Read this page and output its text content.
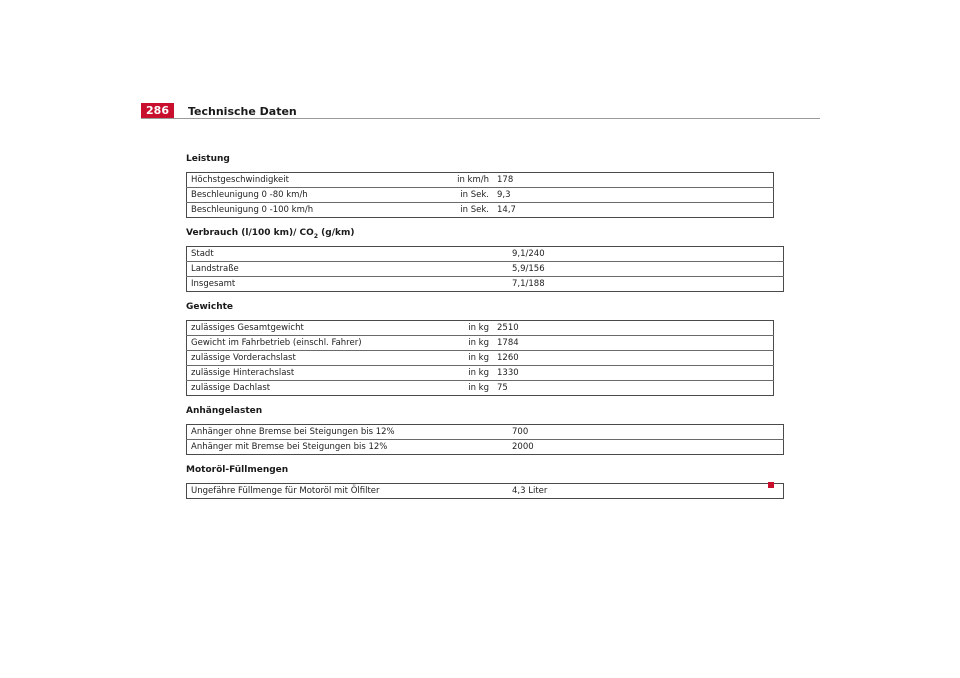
286	Technische Daten
Leistung
Höchstgeschwindigkeit	in km/h	178
Beschleunigung 0 -80 km/h	in Sek.	9,3
Beschleunigung 0 -100 km/h	in Sek.	14,7
Verbrauch (l/100 km)/ $CO_2$ (g/km)
Stadt	9,1/240
Landstraße	5,9/156
Insgesamt	7,1/188
Gewichte
zulässiges Gesamtgewicht	in kg	2510
Gewicht im Fahrbetrieb (einschl. Fahrer)	in kg	1784
zulässige Vorderachslast	in kg	1260
zulässige Hinterachslast	in kg	1330
zulässige Dachlast	in kg	75
Anhängelasten
Anhänger ohne Bremse bei Steigungen bis 12%	700
Anhänger mit Bremse bei Steigungen bis 12%	2000
Motoröl-Füllmengen
Ungefähre Füllmenge für Motoröl mit Ölfilter	4,3 Liter
